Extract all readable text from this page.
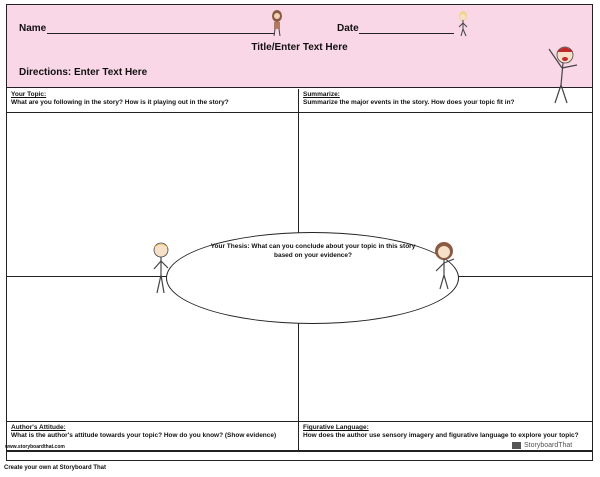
Name	Date
Title/Enter Text Here
Directions: Enter Text Here
Your Topic:
What are you following in the story? How is it playing out in the story?
Summarize:
Summarize the major events in the story. How does your topic fit in?
Author's Attitude:
What is the author's attitude towards your topic? How do you know? (Show evidence)
Figurative Language:
How does the author use sensory imagery and figurative language to explore your topic?
Your Thesis: What can you conclude about your topic in this story based on your evidence?
www.storyboardthat.com	StoryboardThat
Create your own at Storyboard That
